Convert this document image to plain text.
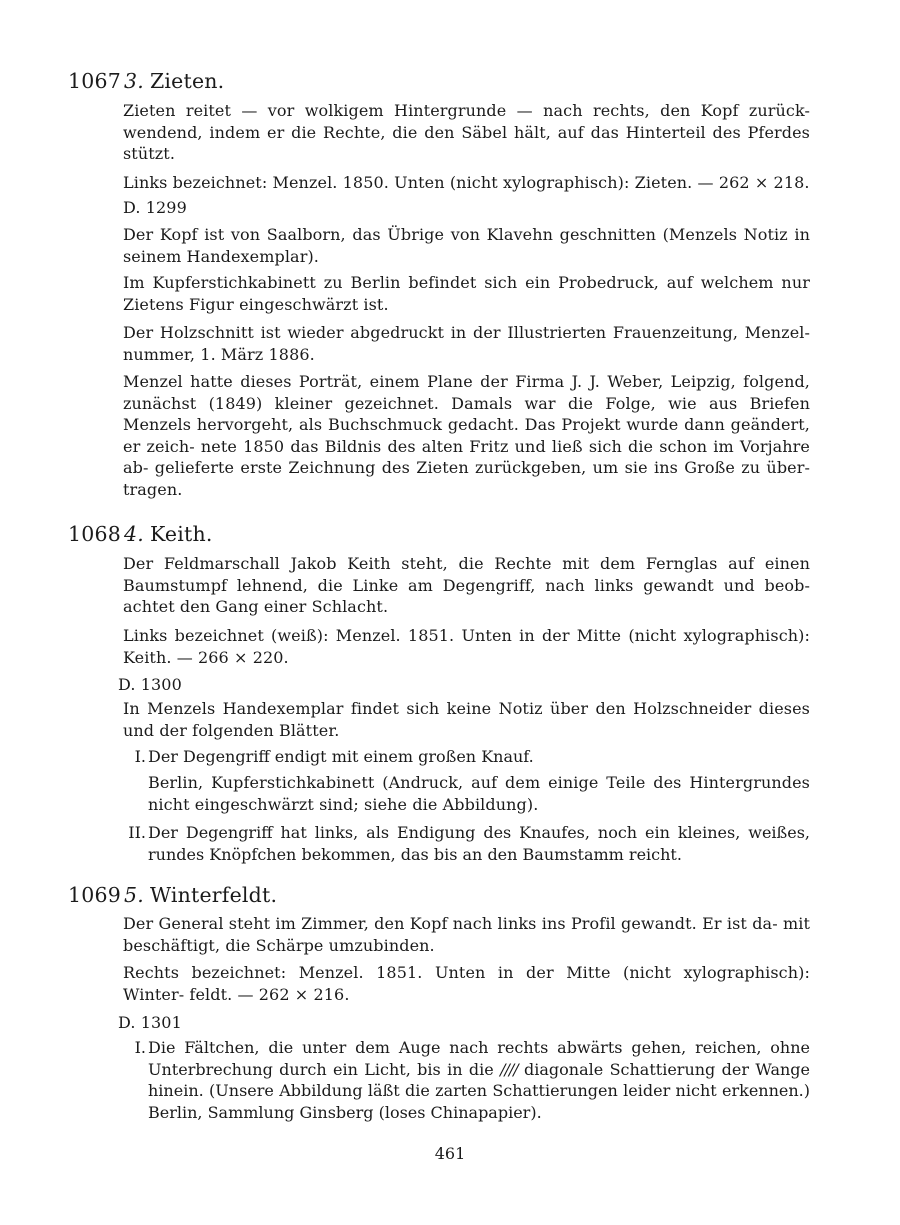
1067 3. Zieten.
Zieten reitet — vor wolkigem Hintergrunde — nach rechts, den Kopf zurück- wendend, indem er die Rechte, die den Säbel hält, auf das Hinterteil des Pferdes stützt.
Links bezeichnet: Menzel. 1850. Unten (nicht xylographisch): Zieten. — 262 × 218.
D. 1299
Der Kopf ist von Saalborn, das Übrige von Klavehn geschnitten (Menzels Notiz in seinem Handexemplar).
Im Kupferstichkabinett zu Berlin befindet sich ein Probedruck, auf welchem nur Zietens Figur eingeschwärzt ist.
Der Holzschnitt ist wieder abgedruckt in der Illustrierten Frauenzeitung, Menzel- nummer, 1. März 1886.
Menzel hatte dieses Porträt, einem Plane der Firma J. J. Weber, Leipzig, folgend, zunächst (1849) kleiner gezeichnet. Damals war die Folge, wie aus Briefen Menzels hervorgeht, als Buchschmuck gedacht. Das Projekt wurde dann geändert, er zeich- nete 1850 das Bildnis des alten Fritz und ließ sich die schon im Vorjahre ab- gelieferte erste Zeichnung des Zieten zurückgeben, um sie ins Große zu über- tragen.
1068 4. Keith.
Der Feldmarschall Jakob Keith steht, die Rechte mit dem Fernglas auf einen Baumstumpf lehnend, die Linke am Degengriff, nach links gewandt und beob- achtet den Gang einer Schlacht.
Links bezeichnet (weiß): Menzel. 1851. Unten in der Mitte (nicht xylographisch): Keith. — 266 × 220.
D. 1300
In Menzels Handexemplar findet sich keine Notiz über den Holzschneider dieses und der folgenden Blätter.
I. Der Degengriff endigt mit einem großen Knauf.
Berlin, Kupferstichkabinett (Andruck, auf dem einige Teile des Hintergrundes nicht eingeschwärzt sind; siehe die Abbildung).
II. Der Degengriff hat links, als Endigung des Knaufes, noch ein kleines, weißes, rundes Knöpfchen bekommen, das bis an den Baumstamm reicht.
1069 5. Winterfeldt.
Der General steht im Zimmer, den Kopf nach links ins Profil gewandt. Er ist da- mit beschäftigt, die Schärpe umzubinden.
Rechts bezeichnet: Menzel. 1851. Unten in der Mitte (nicht xylographisch): Winter- feldt. — 262 × 216.
D. 1301
I. Die Fältchen, die unter dem Auge nach rechts abwärts gehen, reichen, ohne Unterbrechung durch ein Licht, bis in die //// diagonale Schattierung der Wange hinein. (Unsere Abbildung läßt die zarten Schattierungen leider nicht erkennen.) Berlin, Sammlung Ginsberg (loses Chinapapier).
461
